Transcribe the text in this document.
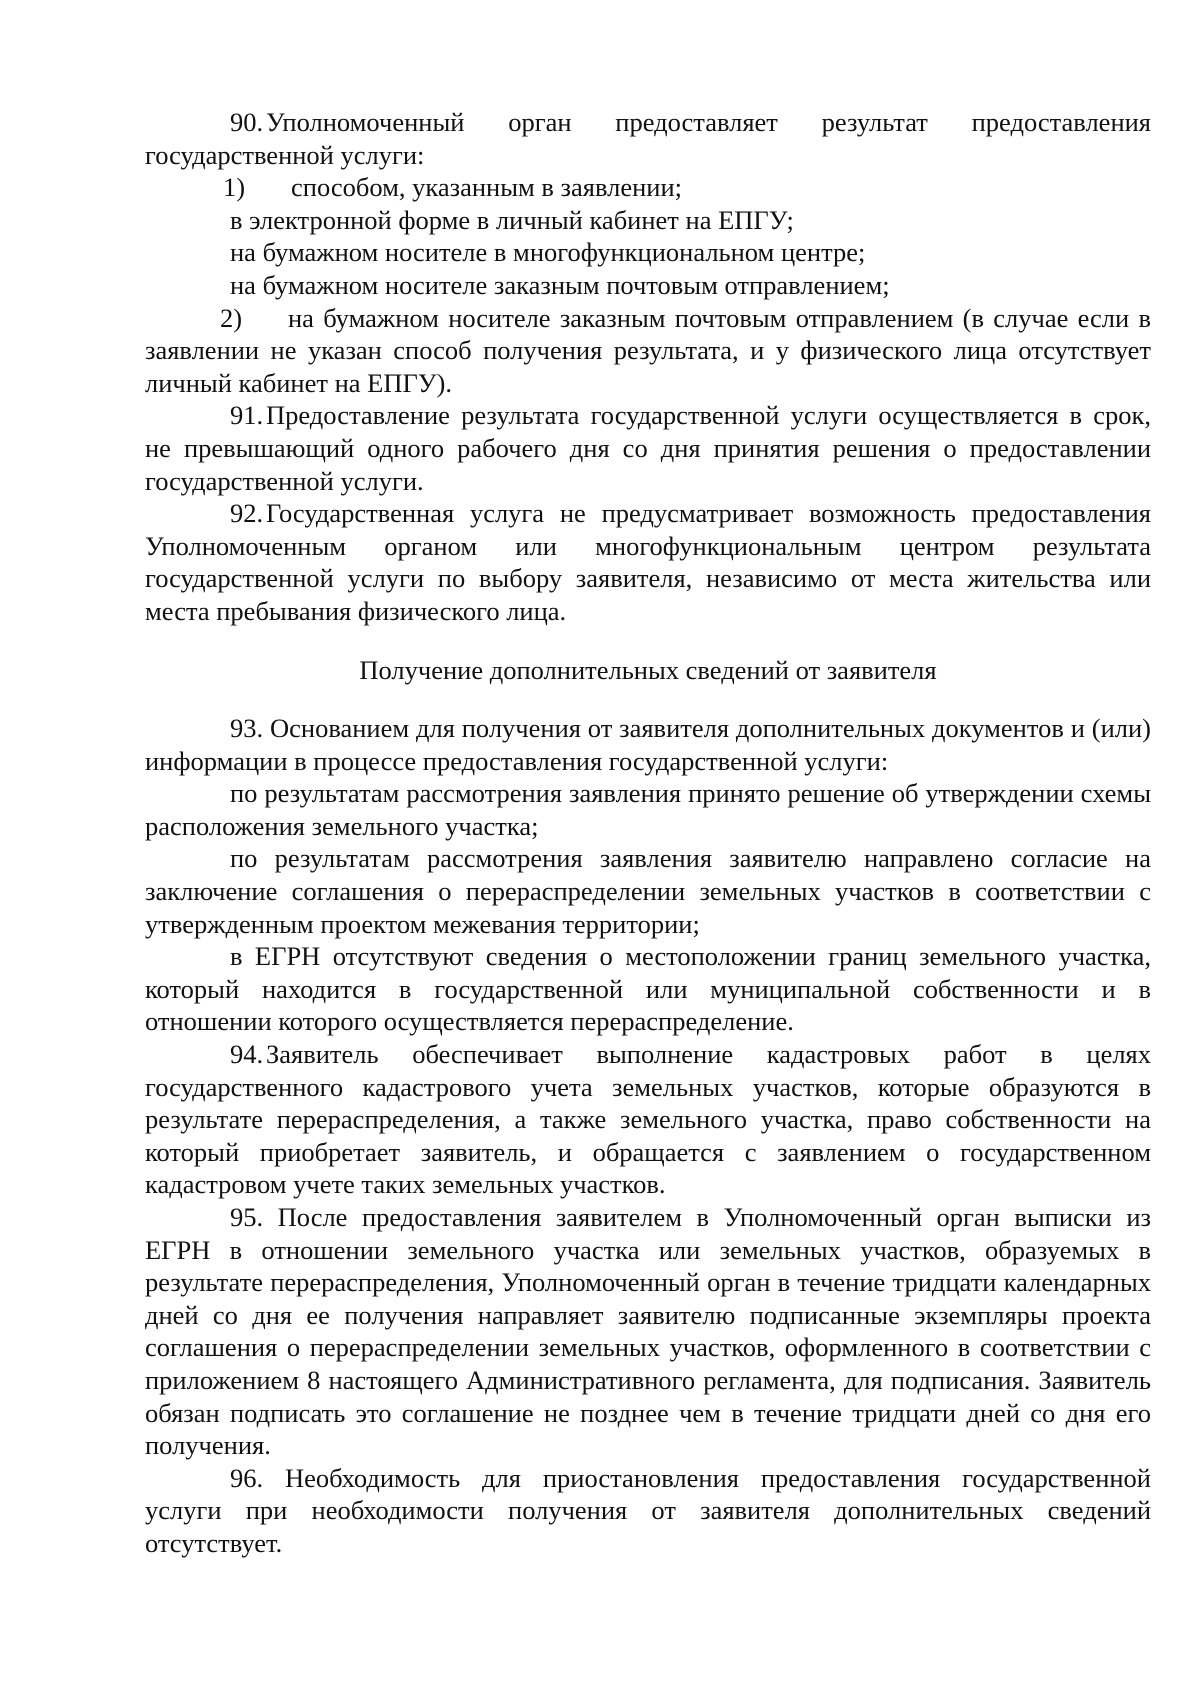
90. Уполномоченный орган предоставляет результат предоставления государственной услуги:

1) способом, указанным в заявлении;

в электронной форме в личный кабинет на ЕПГУ;

на бумажном носителе в многофункциональном центре;

на бумажном носителе заказным почтовым отправлением;

2) на бумажном носителе заказным почтовым отправлением (в случае если в заявлении не указан способ получения результата, и у физического лица отсутствует личный кабинет на ЕПГУ).

91. Предоставление результата государственной услуги осуществляется в срок, не превышающий одного рабочего дня со дня принятия решения о предоставлении государственной услуги.

92. Государственная услуга не предусматривает возможность предоставления Уполномоченным органом или многофункциональным центром результата государственной услуги по выбору заявителя, независимо от места жительства или места пребывания физического лица.

Получение дополнительных сведений от заявителя

93. Основанием для получения от заявителя дополнительных документов и (или) информации в процессе предоставления государственной услуги:

по результатам рассмотрения заявления принято решение об утверждении схемы расположения земельного участка;

по результатам рассмотрения заявления заявителю направлено согласие на заключение соглашения о перераспределении земельных участков в соответствии с утвержденным проектом межевания территории;

в ЕГРН отсутствуют сведения о местоположении границ земельного участка, который находится в государственной или муниципальной собственности и в отношении которого осуществляется перераспределение.

94. Заявитель обеспечивает выполнение кадастровых работ в целях государственного кадастрового учета земельных участков, которые образуются в результате перераспределения, а также земельного участка, право собственности на который приобретает заявитель, и обращается с заявлением о государственном кадастровом учете таких земельных участков.

95. После предоставления заявителем в Уполномоченный орган выписки из ЕГРН в отношении земельного участка или земельных участков, образуемых в результате перераспределения, Уполномоченный орган в течение тридцати календарных дней со дня ее получения направляет заявителю подписанные экземпляры проекта соглашения о перераспределении земельных участков, оформленного в соответствии с приложением 8 настоящего Административного регламента, для подписания. Заявитель обязан подписать это соглашение не позднее чем в течение тридцати дней со дня его получения.

96. Необходимость для приостановления предоставления государственной услуги при необходимости получения от заявителя дополнительных сведений отсутствует.
